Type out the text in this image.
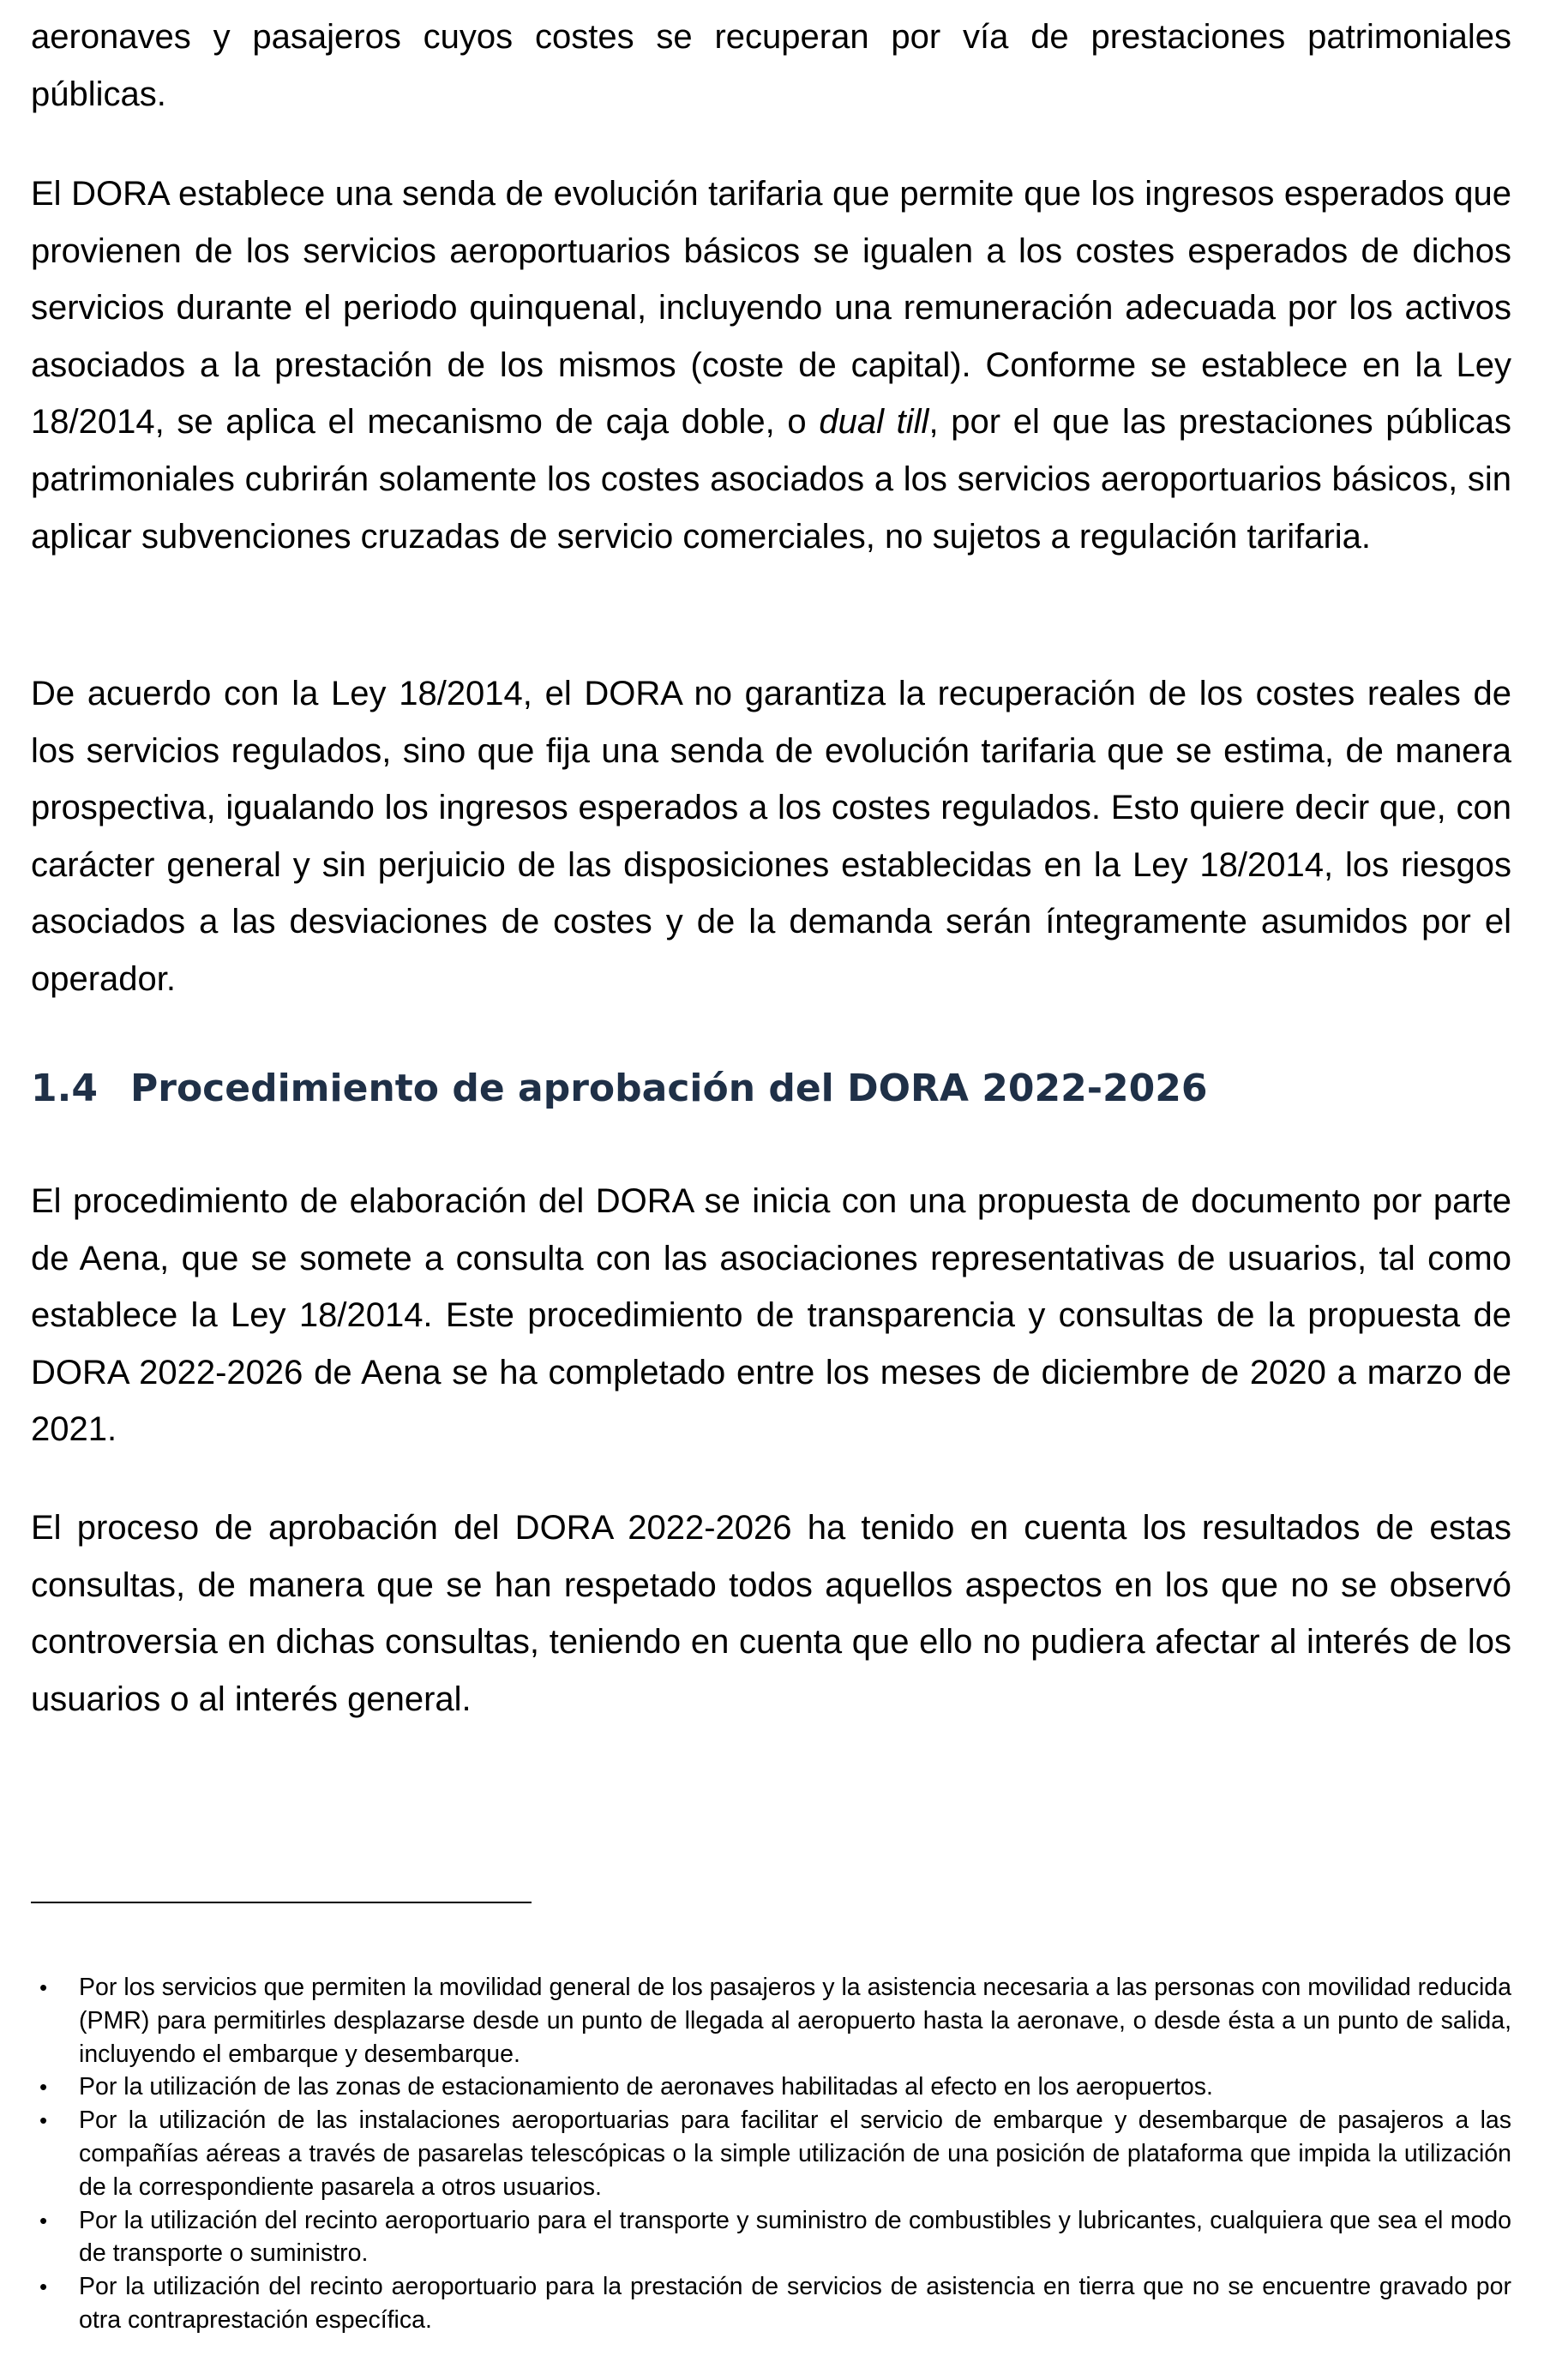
aeronaves y pasajeros cuyos costes se recuperan por vía de prestaciones patrimoniales públicas.

El DORA establece una senda de evolución tarifaria que permite que los ingresos esperados que provienen de los servicios aeroportuarios básicos se igualen a los costes esperados de dichos servicios durante el periodo quinquenal, incluyendo una remuneración adecuada por los activos asociados a la prestación de los mismos (coste de capital). Conforme se establece en la Ley 18/2014, se aplica el mecanismo de caja doble, o dual till, por el que las prestaciones públicas patrimoniales cubrirán solamente los costes asociados a los servicios aeroportuarios básicos, sin aplicar subvenciones cruzadas de servicio comerciales, no sujetos a regulación tarifaria.

De acuerdo con la Ley 18/2014, el DORA no garantiza la recuperación de los costes reales de los servicios regulados, sino que fija una senda de evolución tarifaria que se estima, de manera prospectiva, igualando los ingresos esperados a los costes regulados. Esto quiere decir que, con carácter general y sin perjuicio de las disposiciones establecidas en la Ley 18/2014, los riesgos asociados a las desviaciones de costes y de la demanda serán íntegramente asumidos por el operador.

1.4 Procedimiento de aprobación del DORA 2022-2026

El procedimiento de elaboración del DORA se inicia con una propuesta de documento por parte de Aena, que se somete a consulta con las asociaciones representativas de usuarios, tal como establece la Ley 18/2014. Este procedimiento de transparencia y consultas de la propuesta de DORA 2022-2026 de Aena se ha completado entre los meses de diciembre de 2020 a marzo de 2021.

El proceso de aprobación del DORA 2022-2026 ha tenido en cuenta los resultados de estas consultas, de manera que se han respetado todos aquellos aspectos en los que no se observó controversia en dichas consultas, teniendo en cuenta que ello no pudiera afectar al interés de los usuarios o al interés general.

• Por los servicios que permiten la movilidad general de los pasajeros y la asistencia necesaria a las personas con movilidad reducida (PMR) para permitirles desplazarse desde un punto de llegada al aeropuerto hasta la aeronave, o desde ésta a un punto de salida, incluyendo el embarque y desembarque.
• Por la utilización de las zonas de estacionamiento de aeronaves habilitadas al efecto en los aeropuertos.
• Por la utilización de las instalaciones aeroportuarias para facilitar el servicio de embarque y desembarque de pasajeros a las compañías aéreas a través de pasarelas telescópicas o la simple utilización de una posición de plataforma que impida la utilización de la correspondiente pasarela a otros usuarios.
• Por la utilización del recinto aeroportuario para el transporte y suministro de combustibles y lubricantes, cualquiera que sea el modo de transporte o suministro.
• Por la utilización del recinto aeroportuario para la prestación de servicios de asistencia en tierra que no se encuentre gravado por otra contraprestación específica.
